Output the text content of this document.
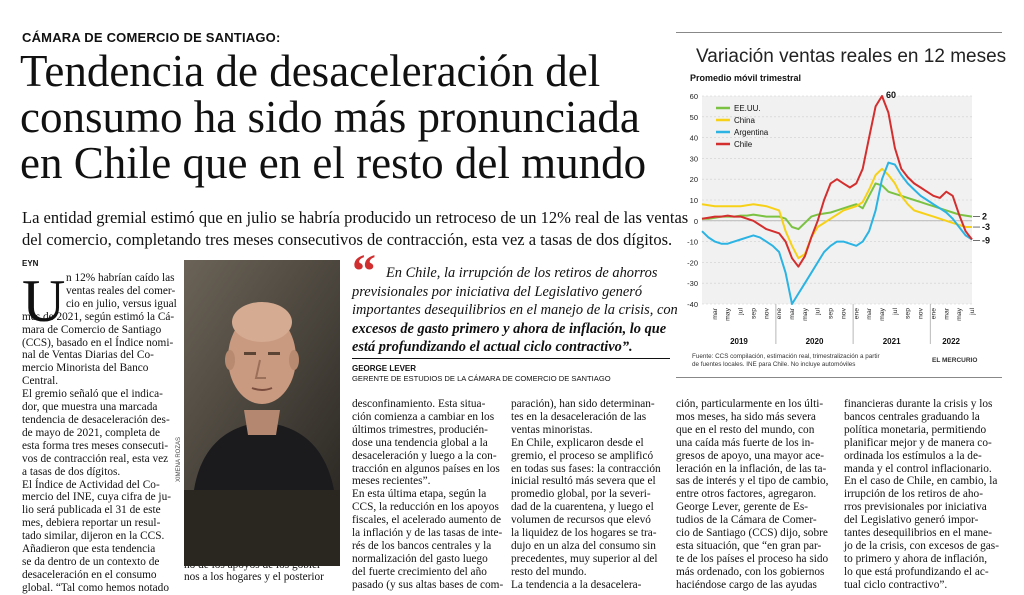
CÁMARA DE COMERCIO DE SANTIAGO:
Tendencia de desaceleración del
consumo ha sido más pronunciada
en Chile que en el resto del mundo
La entidad gremial estimó que en julio se habría producido un retroceso de un 12% real de las ventas
del comercio, completando tres meses consecutivos de contracción, esta vez a tasas de dos dígitos.
EYN
U n 12% habrían caído las
ventas reales del comer-
cio en julio, versus igual
mes de 2021, según estimó la Cá-
mara de Comercio de Santiago
(CCS), basado en el Índice nomi-
nal de Ventas Diarias del Co-
mercio Minorista del Banco
Central.
El gremio señaló que el indica-
dor, que muestra una marcada
tendencia de desaceleración des-
de mayo de 2021, completa de
esta forma tres meses consecuti-
vos de contracción real, esta vez
a tasas de dos dígitos.
El Índice de Actividad del Co-
mercio del INE, cuya cifra de ju-
lio será publicada el 31 de este
mes, debiera reportar un resul-
tado similar, dijeron en la CCS.
Añadieron que esta tendencia
se da dentro de un contexto de
desaceleración en el consumo
global. “Tal como hemos notado
nos a los hogares y el posterior
desconfinamiento. Esta situa-
ción comienza a cambiar en los
últimos trimestres, producién-
dose una tendencia global a la
desaceleración y luego a la con-
tracción en algunos países en los
meses recientes”.
En esta última etapa, según la
CCS, la reducción en los apoyos
fiscales, el acelerado aumento de
la inflación y de las tasas de inte-
rés de los bancos centrales y la
normalización del gasto luego
del fuerte crecimiento del año
pasado (y sus altas bases de com-
paración), han sido determinan-
tes en la desaceleración de las
ventas minoristas.
En Chile, explicaron desde el
gremio, el proceso se amplificó
en todas sus fases: la contracción
inicial resultó más severa que el
promedio global, por la severi-
dad de la cuarentena, y luego el
volumen de recursos que elevó
la liquidez de los hogares se tra-
dujo en un alza del consumo sin
precedentes, muy superior al del
resto del mundo.
La tendencia a la desacelera-
ción, particularmente en los últi-
mos meses, ha sido más severa
que en el resto del mundo, con
una caída más fuerte de los in-
gresos de apoyo, una mayor ace-
leración en la inflación, de las ta-
sas de interés y el tipo de cambio,
entre otros factores, agregaron.
George Lever, gerente de Es-
tudios de la Cámara de Comer-
cio de Santiago (CCS) dijo, sobre
esta situación, que “en gran par-
te de los países el proceso ha sido
más ordenado, con los gobiernos
haciéndose cargo de las ayudas
financieras durante la crisis y los
bancos centrales graduando la
política monetaria, permitiendo
planificar mejor y de manera co-
ordinada los estímulos a la de-
manda y el control inflacionario.
En el caso de Chile, en cambio, la
irrupción de los retiros de aho-
rros previsionales por iniciativa
del Legislativo generó impor-
tantes desequilibrios en el mane-
jo de la crisis, con excesos de gas-
to primero y ahora de inflación,
lo que está profundizando el ac-
tual ciclo contractivo”.
XIMENA ROZAS
“ En Chile, la irrupción de los retiros de ahorros
previsionales por iniciativa del Legislativo generó
importantes desequilibrios en el manejo de la crisis, con
excesos de gasto primero y ahora de inflación, lo que
está profundizando el actual ciclo contractivo”.
GEORGE LEVER
GERENTE DE ESTUDIOS DE LA CÁMARA DE COMERCIO DE SANTIAGO
Variación ventas reales en 12 meses
Promedio móvil trimestral
-40
-30
-20
-10
0
10
20
30
40
50
60
mar may jul sep nov ene mar may jul sep nov ene mar may jul sep nov ene mar may jul
2019	2020	2021	2022
EE.UU.
China
Argentina
Chile
60
2
-3
-9
Fuente: CCS compilación, estimación real, trimestralización a partir
de fuentes locales. INE para Chile. No incluye automóviles
EL MERCURIO
